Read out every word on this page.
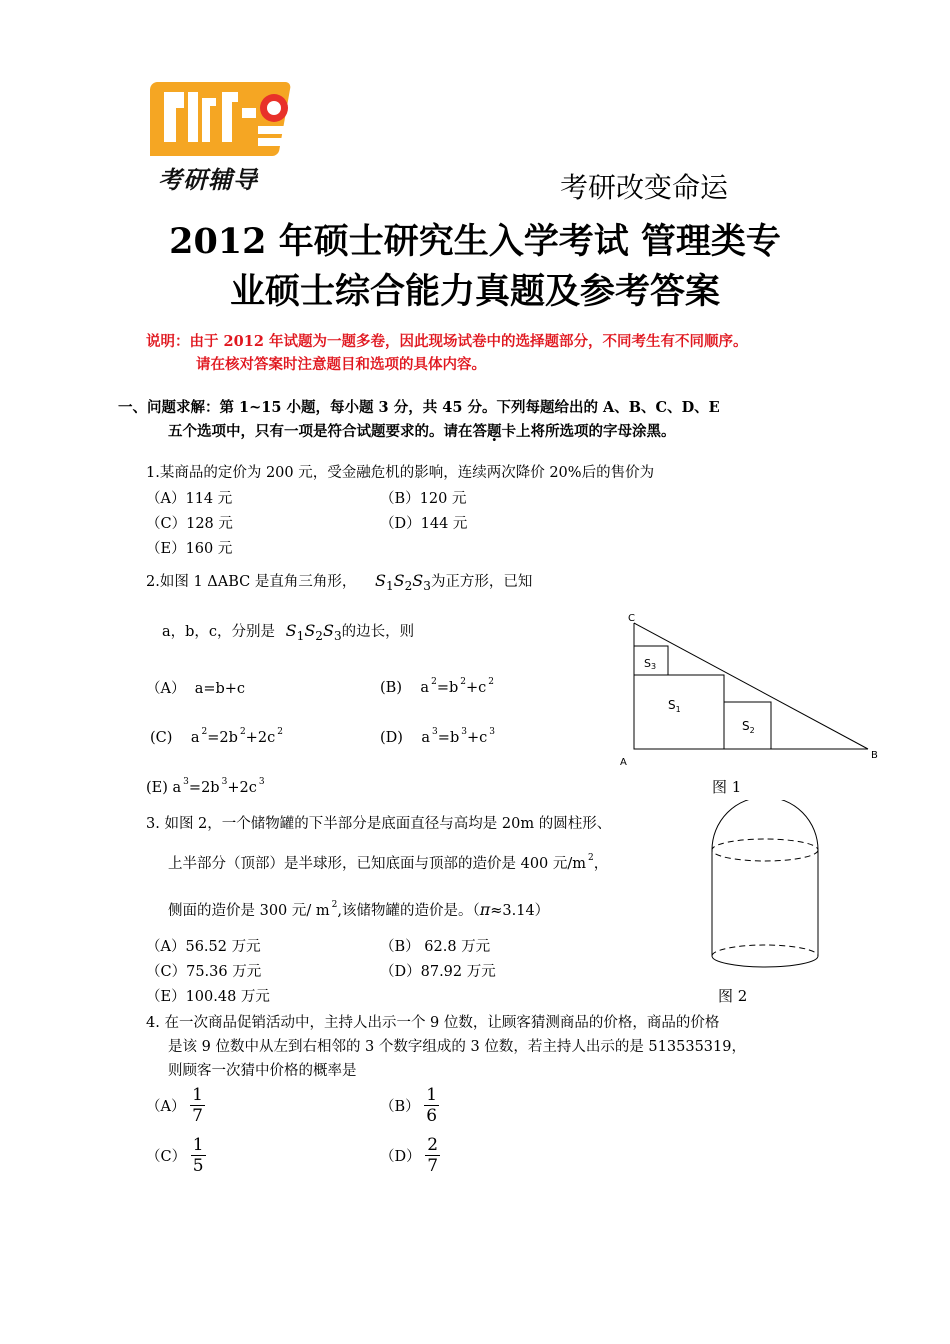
考研辅导	考研改变命运
2012 年硕士研究生入学考试 管理类专
业硕士综合能力真题及参考答案
说明：由于 2012 年试题为一题多卷，因此现场试卷中的选择题部分，不同考生有不同顺序。
请在核对答案时注意题目和选项的具体内容。
一、问题求解：第 1~15 小题，每小题 3 分，共 45 分。下列每题给出的 A、B、C、D、E
五个选项中，只有一项是符合试题要求的。请在答题卡上将所选项的字母涂黑。
1.某商品的定价为 200 元，受金融危机的影响，连续两次降价 20%后的售价为
（A）114 元	（B）120 元
（C）128 元	（D）144 元
（E）160 元
2.如图 1 ΔABC 是直角三角形， $S_1S_2S_3$为正方形，已知
a，b，c，分别是 $S_1S_2S_3$的边长，则
（A） a=b+c	(B) a $^2$=b $^2$+c $^2$
(C) a $^2$=2b $^2$+2c $^2$	(D) a $^3$=b $^3$+c $^3$
(E) a $^3$=2b $^3$+2c $^3$
C
A
B
S3
$S_1$
$S_2$
图 1
3. 如图 2，一个储物罐的下半部分是底面直径与高均是 20m 的圆柱形、
上半部分（顶部）是半球形，已知底面与顶部的造价是 400 元/m $^2$，
侧面的造价是 300 元/ m $^2$,该储物罐的造价是。（π≈3.14）
（A）56.52 万元	（B） 62.8 万元
（C）75.36 万元	（D）87.92 万元
（E）100.48 万元	图 2
4. 在一次商品促销活动中，主持人出示一个 9 位数，让顾客猜测商品的价格，商品的价格
是该 9 位数中从左到右相邻的 3 个数字组成的 3 位数，若主持人出示的是 513535319，
则顾客一次猜中价格的概率是
$(A) \frac{1}{7}$	$(B) \frac{1}{6}$
$(C) \frac{1}{5}$	$(D) \frac{2}{7}$
